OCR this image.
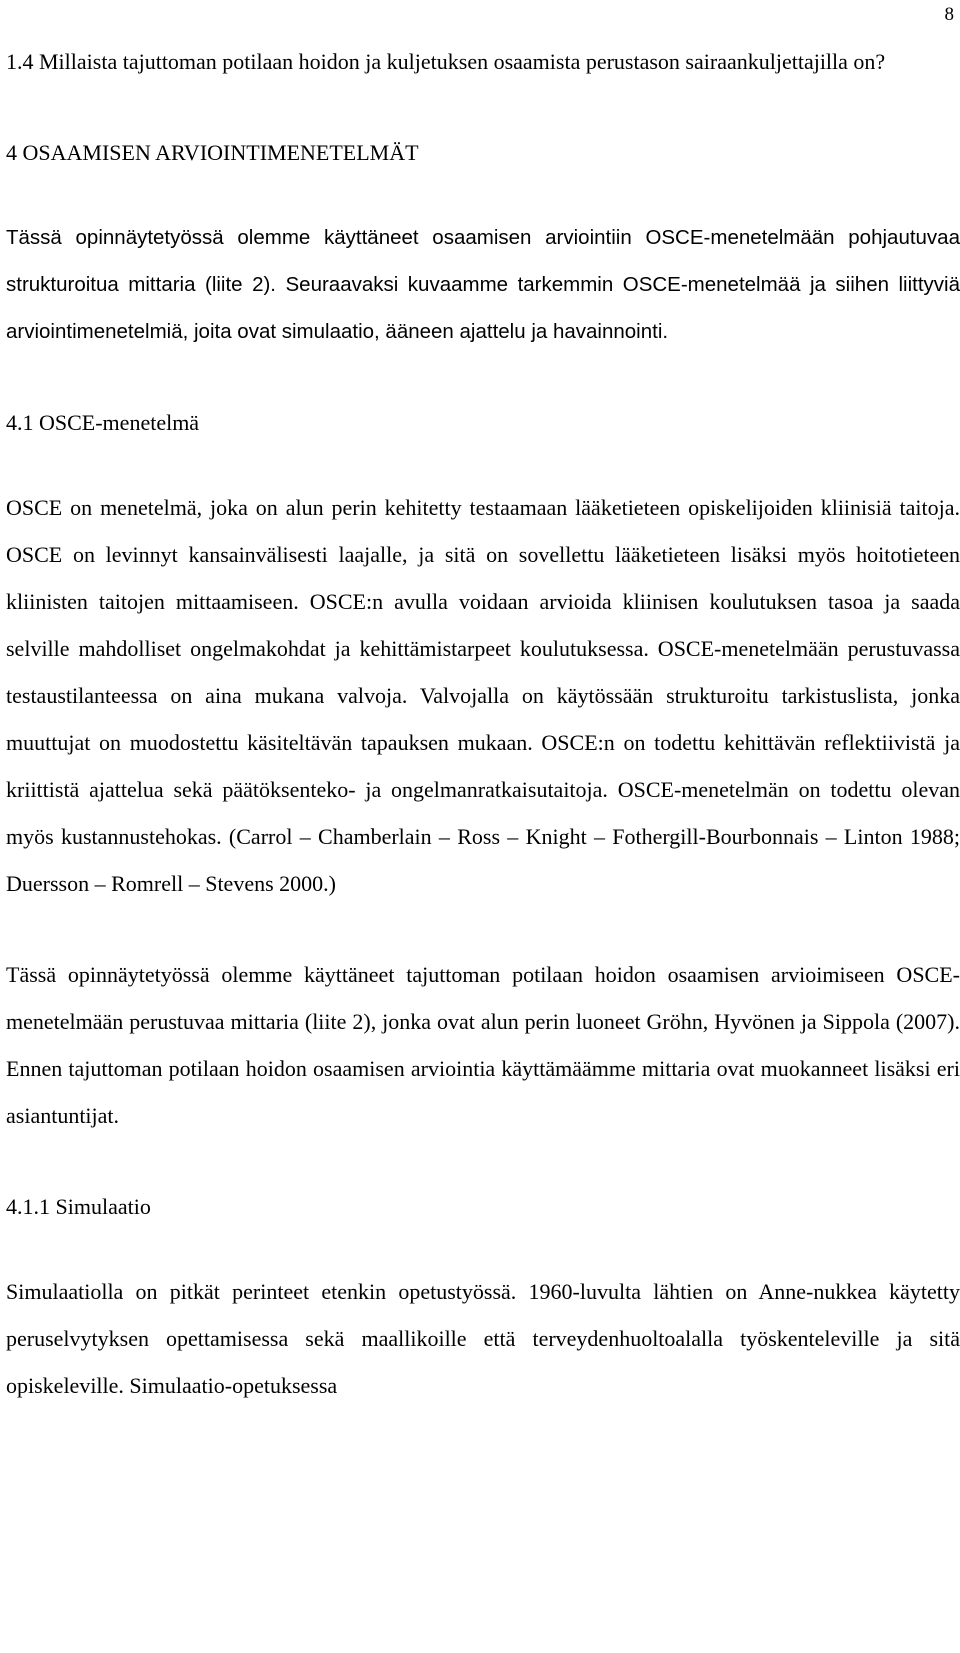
8

1.4 Millaista tajuttoman potilaan hoidon ja kuljetuksen osaamista perustason sairaankuljettajilla on?

4 OSAAMISEN ARVIOINTIMENETELMÄT

Tässä opinnäytetyössä olemme käyttäneet osaamisen arviointiin OSCE-menetelmään pohjautuvaa strukturoitua mittaria (liite 2). Seuraavaksi kuvaamme tarkemmin OSCE-menetelmää ja siihen liittyviä arviointimenetelmiä, joita ovat simulaatio, ääneen ajattelu ja havainnointi.

4.1 OSCE-menetelmä

OSCE on menetelmä, joka on alun perin kehitetty testaamaan lääketieteen opiskelijoiden kliinisiä taitoja. OSCE on levinnyt kansainvälisesti laajalle, ja sitä on sovellettu lääketieteen lisäksi myös hoitotieteen kliinisten taitojen mittaamiseen. OSCE:n avulla voidaan arvioida kliinisen koulutuksen tasoa ja saada selville mahdolliset ongelmakohdat ja kehittämistarpeet koulutuksessa. OSCE-menetelmään perustuvassa testaustilanteessa on aina mukana valvoja. Valvojalla on käytössään strukturoitu tarkistuslista, jonka muuttujat on muodostettu käsiteltävän tapauksen mukaan. OSCE:n on todettu kehittävän reflektiivistä ja kriittistä ajattelua sekä päätöksenteko- ja ongelmanratkaisutaitoja. OSCE-menetelmän on todettu olevan myös kustannustehokas. (Carrol – Chamberlain – Ross – Knight – Fothergill-Bourbonnais – Linton 1988; Duersson – Romrell – Stevens 2000.)

Tässä opinnäytetyössä olemme käyttäneet tajuttoman potilaan hoidon osaamisen arvioimiseen OSCE-menetelmään perustuvaa mittaria (liite 2), jonka ovat alun perin luoneet Gröhn, Hyvönen ja Sippola (2007). Ennen tajuttoman potilaan hoidon osaamisen arviointia käyttämäämme mittaria ovat muokanneet lisäksi eri asiantuntijat.

4.1.1 Simulaatio

Simulaatiolla on pitkät perinteet etenkin opetustyössä. 1960-luvulta lähtien on Anne-nukkea käytetty peruselvytyksen opettamisessa sekä maallikoille että terveydenhuoltoalalla työskenteleville ja sitä opiskeleville. Simulaatio-opetuksessa
